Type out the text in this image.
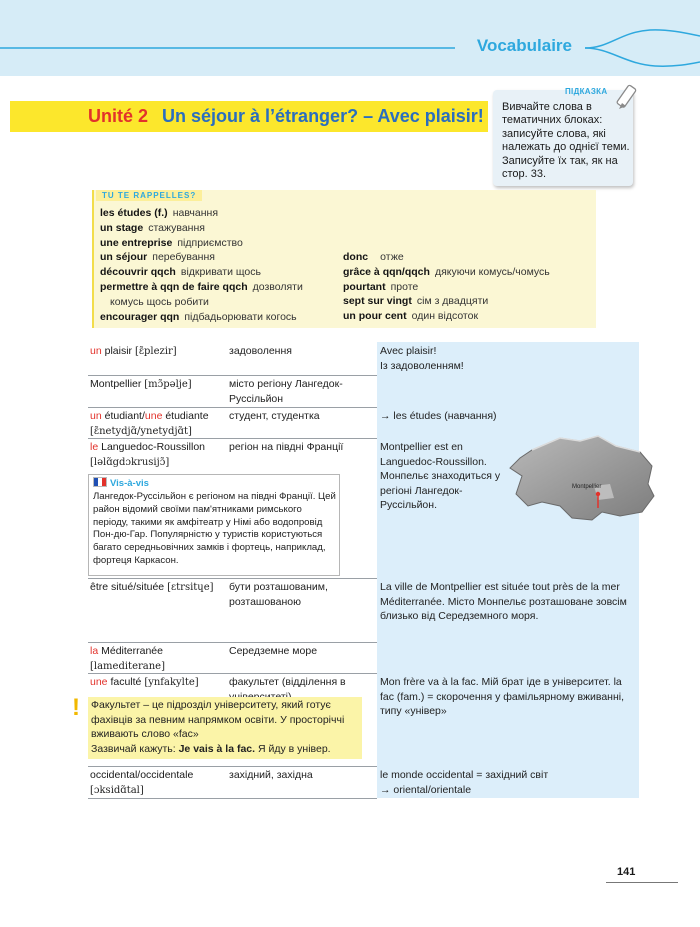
Vocabulaire
Unité 2 Un séjour à l’étranger? – Avec plaisir!
ПІДКАЗКА
Вивчайте слова в
тематичних блоках:
записуйте слова, які
належать до однієї теми.
Записуйте їх так, як на
стор. 33.
TU TE RAPPELLES?
les études (f.) навчання
un stage стажування
une entreprise підприємство
un séjour перебування
découvrir qqch відкривати щось
permettre à qqn de faire qqch дозволяти
комусь щось робити
encourager qqn підбадьорювати когось
donc отже
grâce à qqn/qqch дякуючи комусь/чомусь
pourtant проте
sept sur vingt сім з двадцяти
un pour cent один відсоток
un plaisir [ɛ̃plezir]	задоволення	Avec plaisir!
Із задоволенням!
Montpellier [mɔ̃pəlje]	місто регіону Лангедок-Руссільйон
un étudiant/une étudiante
[ɛ̃netydjɑ̃/ynetydjɑ̃t]
студент, студентка	→ les études (навчання)
le Languedoc-Roussillon
[ləlɑ̃gdɔkrusijɔ̃]
регіон на півдні Франції	Montpellier est en Languedoc-Roussillon. Монпельє знаходиться у регіоні Лангедок-Руссільйон.
être situé/située [ɛtrsitɥe]	бути розташованим, розташованою
La ville de Montpellier est située tout près de la mer Méditerranée. Місто Монпельє розташоване зовсім близько від Середземного моря.
la Méditerranée
[lamediterane]
Середземне море
une faculté [ynfakylte]	факультет (відділення в	Mon frère va à la fac. Мій брат іде в університет. la fac (fam.) = скорочення у фамільярному вживанні, типу «універ»
occidental/occidentale
[ɔksidɑ̃tal]
західний, західна	le monde occidental = західний світ
→ oriental/orientale
Vis-à-vis
Лангедок-Руссільйон є регіоном на півдні Франції. Цей район відомий своїми пам'ятниками римського періоду, такими як амфітеатр у Німі або водопровід Пон-дю-Гар. Популярністю у туристів користуються багато середньовічних замків і фортець, наприклад, фортеця Каркасон.
! Факультет – це підрозділ університету, який готує фахівців за певним напрямком освіти. У просторіччі вживають слово «fac»
Зазвичай кажуть: Je vais à la fac. Я йду в універ.
Montpellier
141
